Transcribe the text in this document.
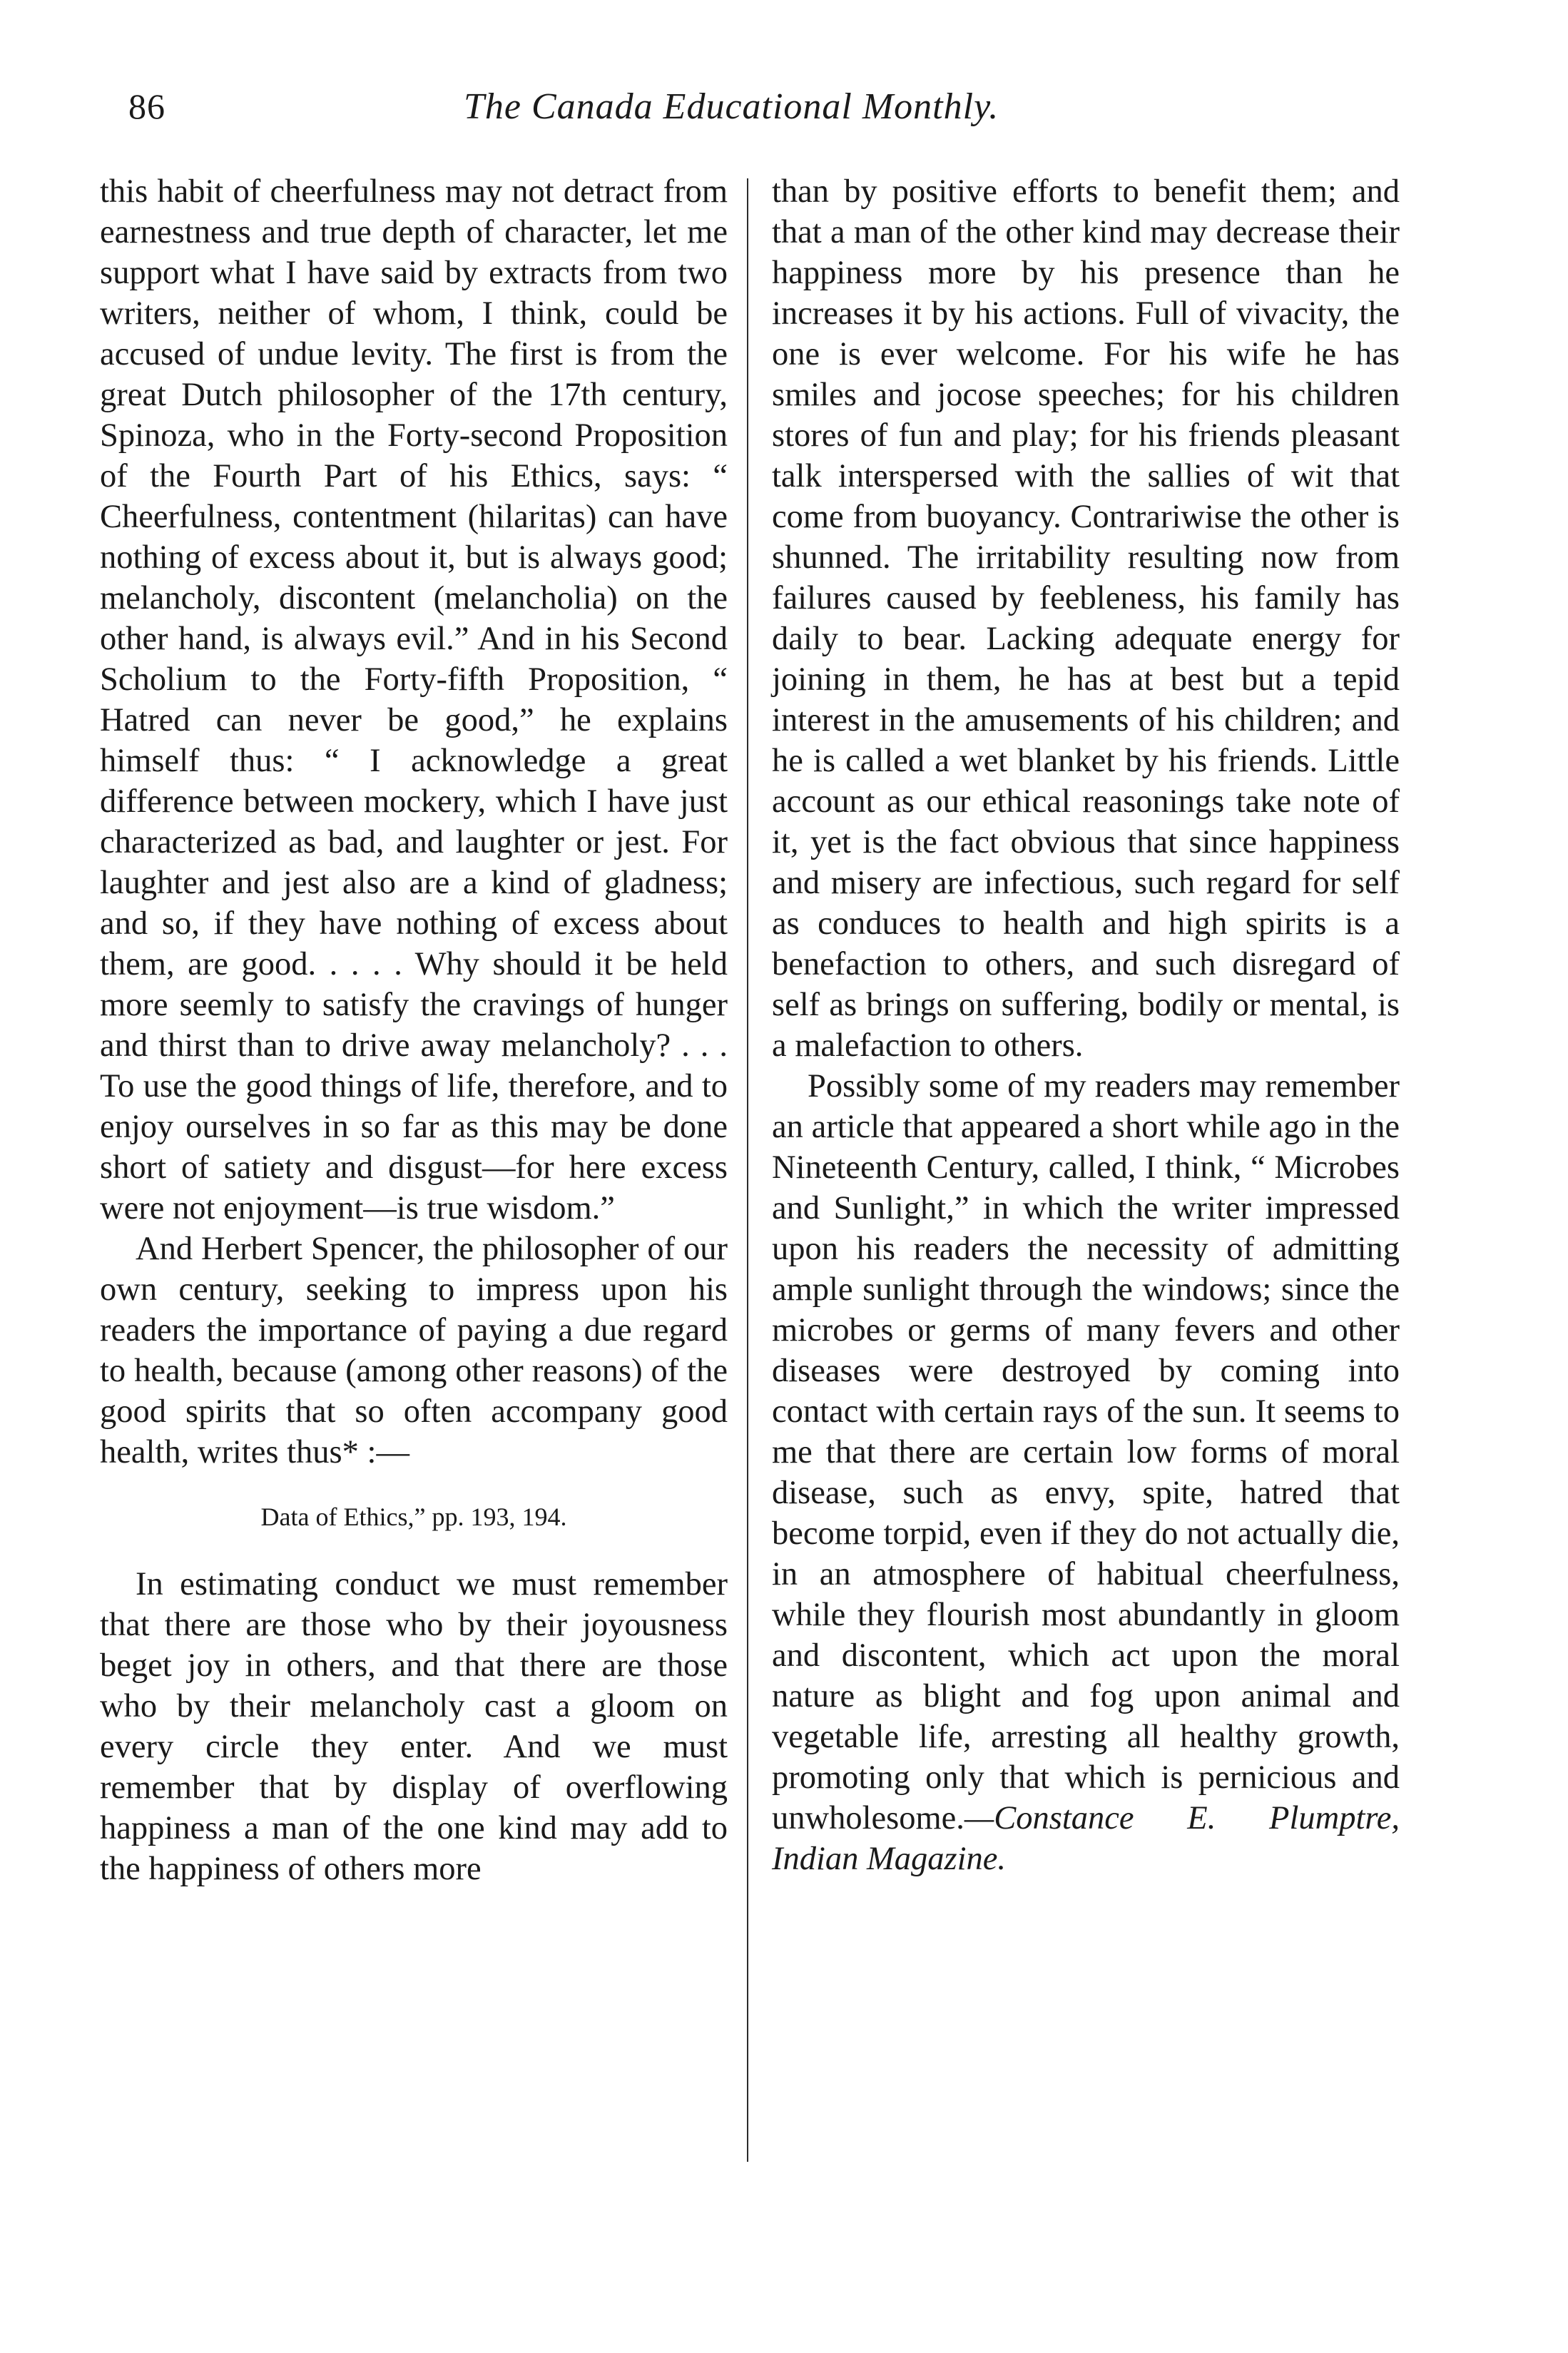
86	The Canada Educational Monthly.

this habit of cheerfulness may not detract from earnestness and true depth of character, let me support what I have said by extracts from two writers, neither of whom, I think, could be accused of undue levity. The first is from the great Dutch philosopher of the 17th century, Spinoza, who in the Forty-second Proposition of the Fourth Part of his Ethics, says: “ Cheerfulness, contentment (hilaritas) can have nothing of excess about it, but is always good; melancholy, discontent (melancholia) on the other hand, is always evil.” And in his Second Scholium to the Forty-fifth Proposition, “ Hatred can never be good,” he explains himself thus: “ I acknowledge a great difference between mockery, which I have just characterized as bad, and laughter or jest. For laughter and jest also are a kind of gladness; and so, if they have nothing of excess about them, are good. . . . . Why should it be held more seemly to satisfy the cravings of hunger and thirst than to drive away melancholy? . . . To use the good things of life, therefore, and to enjoy ourselves in so far as this may be done short of satiety and disgust—for here excess were not enjoyment—is true wisdom.”

And Herbert Spencer, the philosopher of our own century, seeking to impress upon his readers the importance of paying a due regard to health, because (among other reasons) of the good spirits that so often accompany good health, writes thus* :—

Data of Ethics,” pp. 193, 194.

In estimating conduct we must remember that there are those who by their joyousness beget joy in others, and that there are those who by their melancholy cast a gloom on every circle they enter. And we must remember that by display of overflowing happiness a man of the one kind may add to the happiness of others more

than by positive efforts to benefit them; and that a man of the other kind may decrease their happiness more by his presence than he increases it by his actions. Full of vivacity, the one is ever welcome. For his wife he has smiles and jocose speeches; for his children stores of fun and play; for his friends pleasant talk interspersed with the sallies of wit that come from buoyancy. Contrariwise the other is shunned. The irritability resulting now from failures caused by feebleness, his family has daily to bear. Lacking adequate energy for joining in them, he has at best but a tepid interest in the amusements of his children; and he is called a wet blanket by his friends. Little account as our ethical reasonings take note of it, yet is the fact obvious that since happiness and misery are infectious, such regard for self as conduces to health and high spirits is a benefaction to others, and such disregard of self as brings on suffering, bodily or mental, is a malefaction to others.

Possibly some of my readers may remember an article that appeared a short while ago in the Nineteenth Century, called, I think, “ Microbes and Sunlight,” in which the writer impressed upon his readers the necessity of admitting ample sunlight through the windows; since the microbes or germs of many fevers and other diseases were destroyed by coming into contact with certain rays of the sun. It seems to me that there are certain low forms of moral disease, such as envy, spite, hatred that become torpid, even if they do not actually die, in an atmosphere of habitual cheerfulness, while they flourish most abundantly in gloom and discontent, which act upon the moral nature as blight and fog upon animal and vegetable life, arresting all healthy growth, promoting only that which is pernicious and unwholesome.—Constance E. Plumptre, Indian Magazine.
